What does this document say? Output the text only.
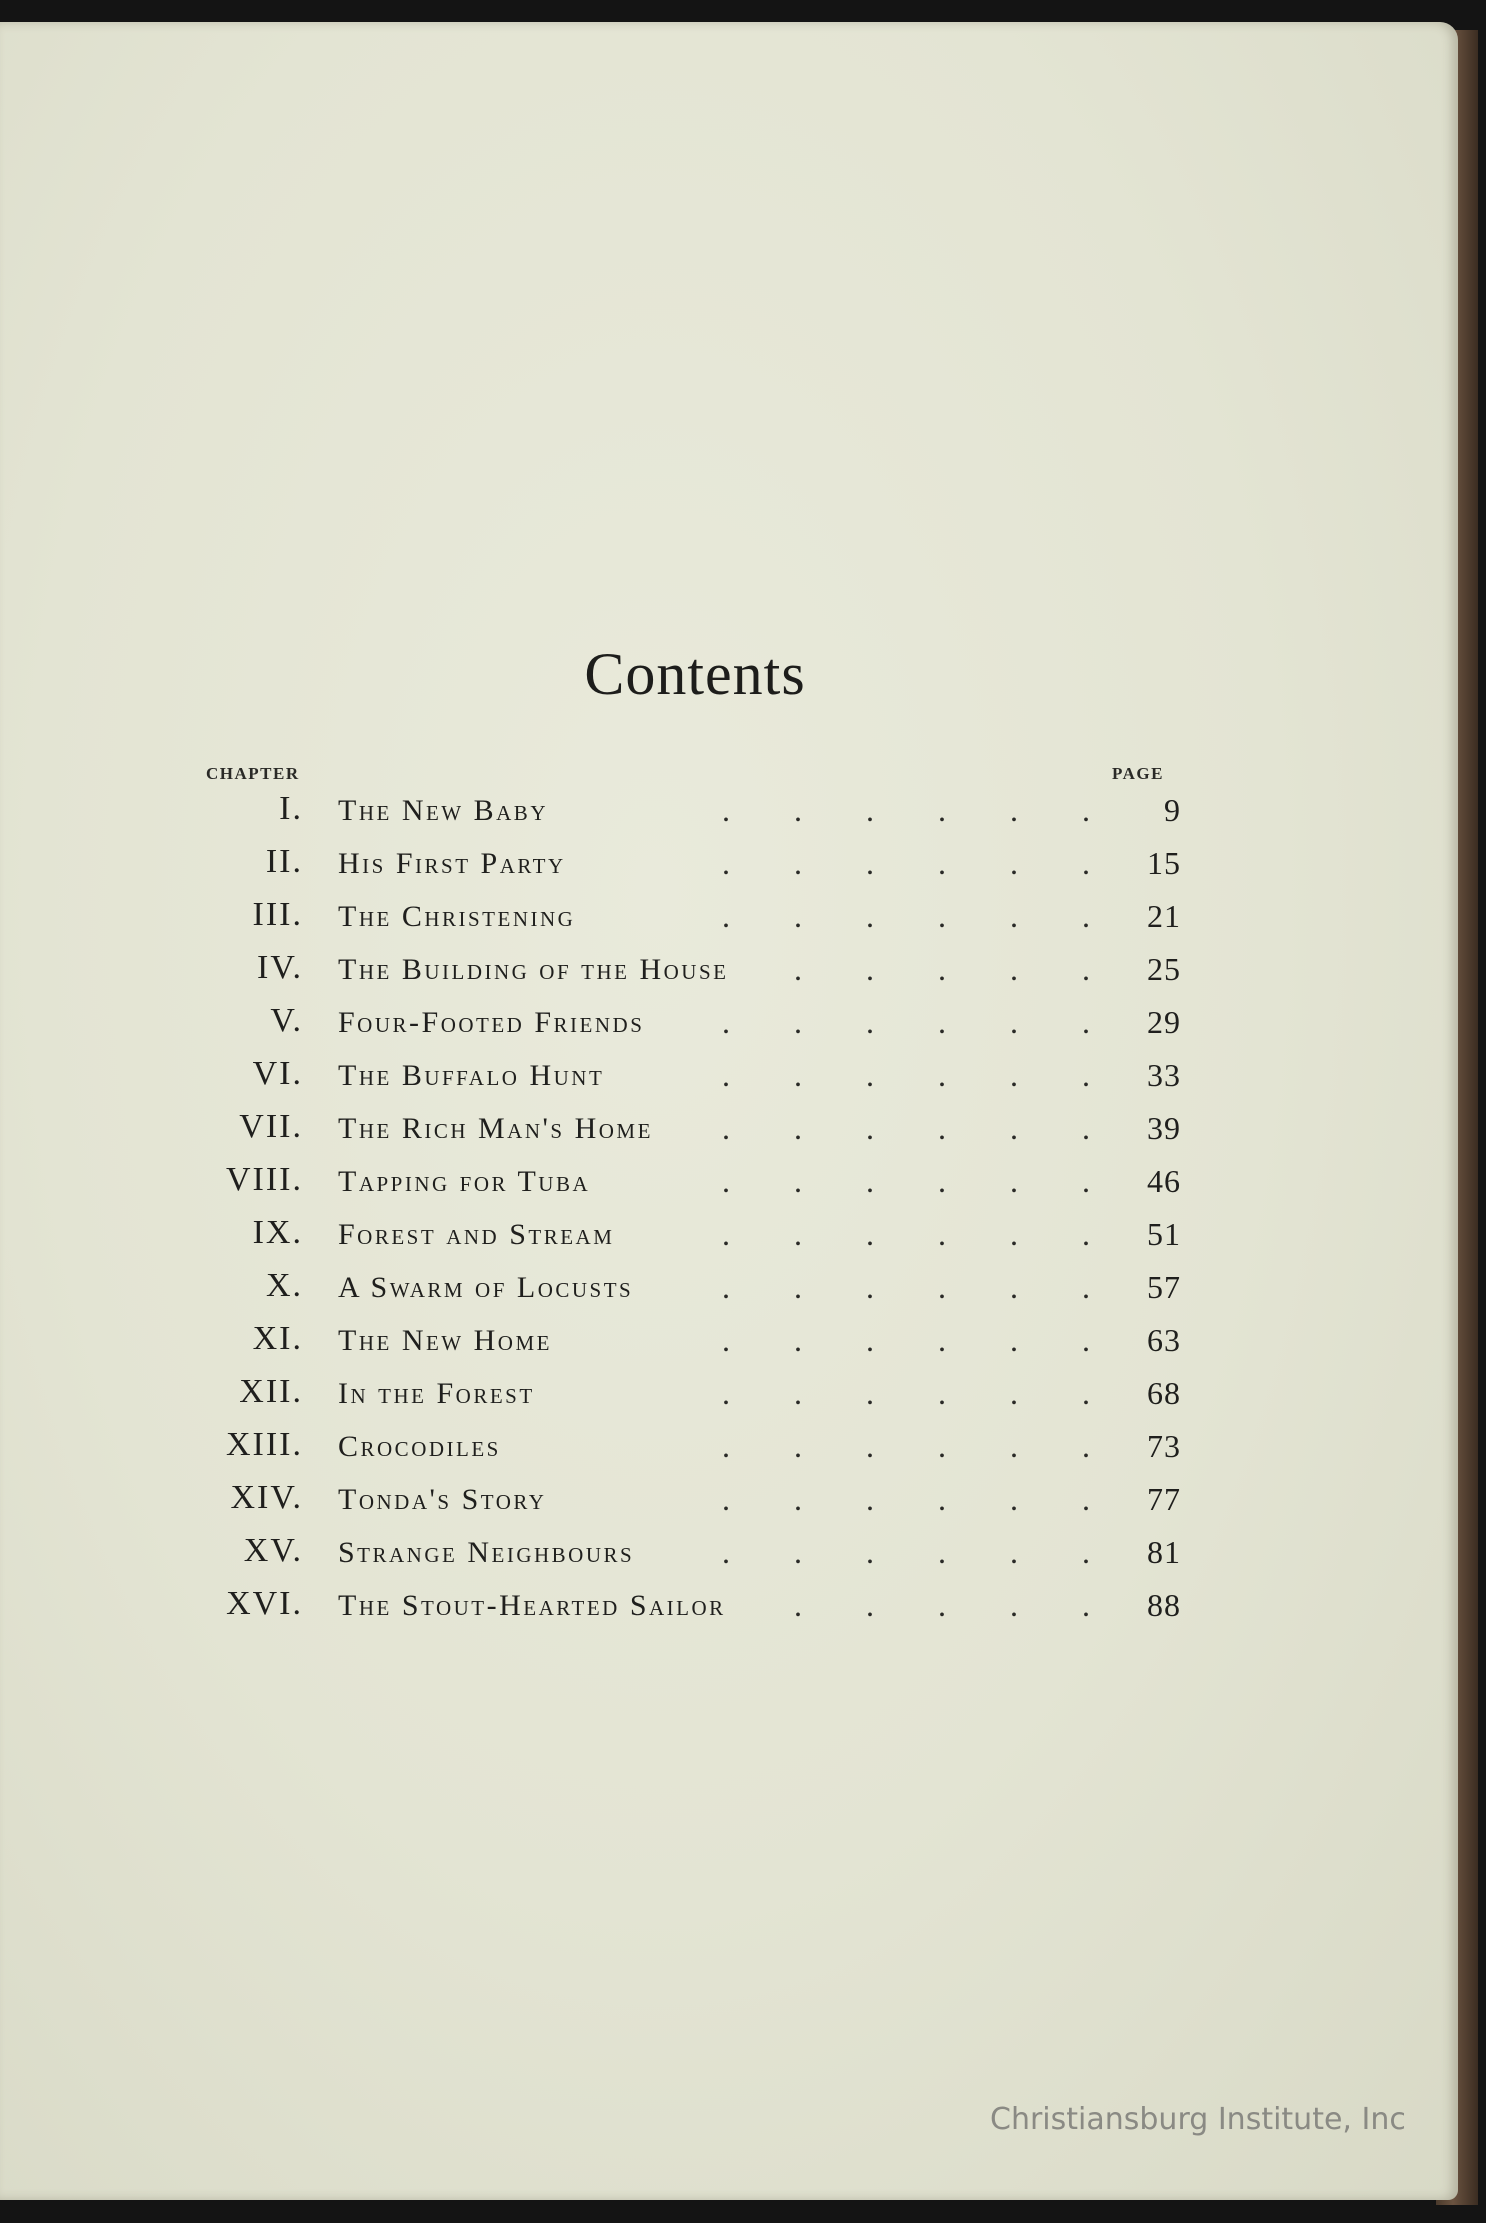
Contents
CHAPTER	PAGE
I. The New Baby	.  .  .  .  .  .	9
II. His First Party	.  .  .  .  .  .	15
III. The Christening	.  .  .  .  .  .	21
IV. The Building of the House .  .  .  .  .	25
V. Four-Footed Friends .  .  .  .  .  .	29
VI. The Buffalo Hunt	.  .  .  .  .  .	33
VII. The Rich Man's Home .  .  .  .  .  .	39
VIII. Tapping for Tuba	.  .  .  .  .  .	46
IX. Forest and Stream	.  .  .  .  .  .	51
X. A Swarm of Locusts	.  .  .  .  .  .	57
XI. The New Home	.  .  .  .  .  .	63
XII. In the Forest	.  .  .  .  .  .	68
XIII. Crocodiles	.  .  .  .  .  .	73
XIV. Tonda's Story	.  .  .  .  .  .	77
XV. Strange Neighbours	.  .  .  .  .  .	81
XVI. The Stout-Hearted Sailor .  .  .  .  .	88
Christiansburg Institute, Inc
